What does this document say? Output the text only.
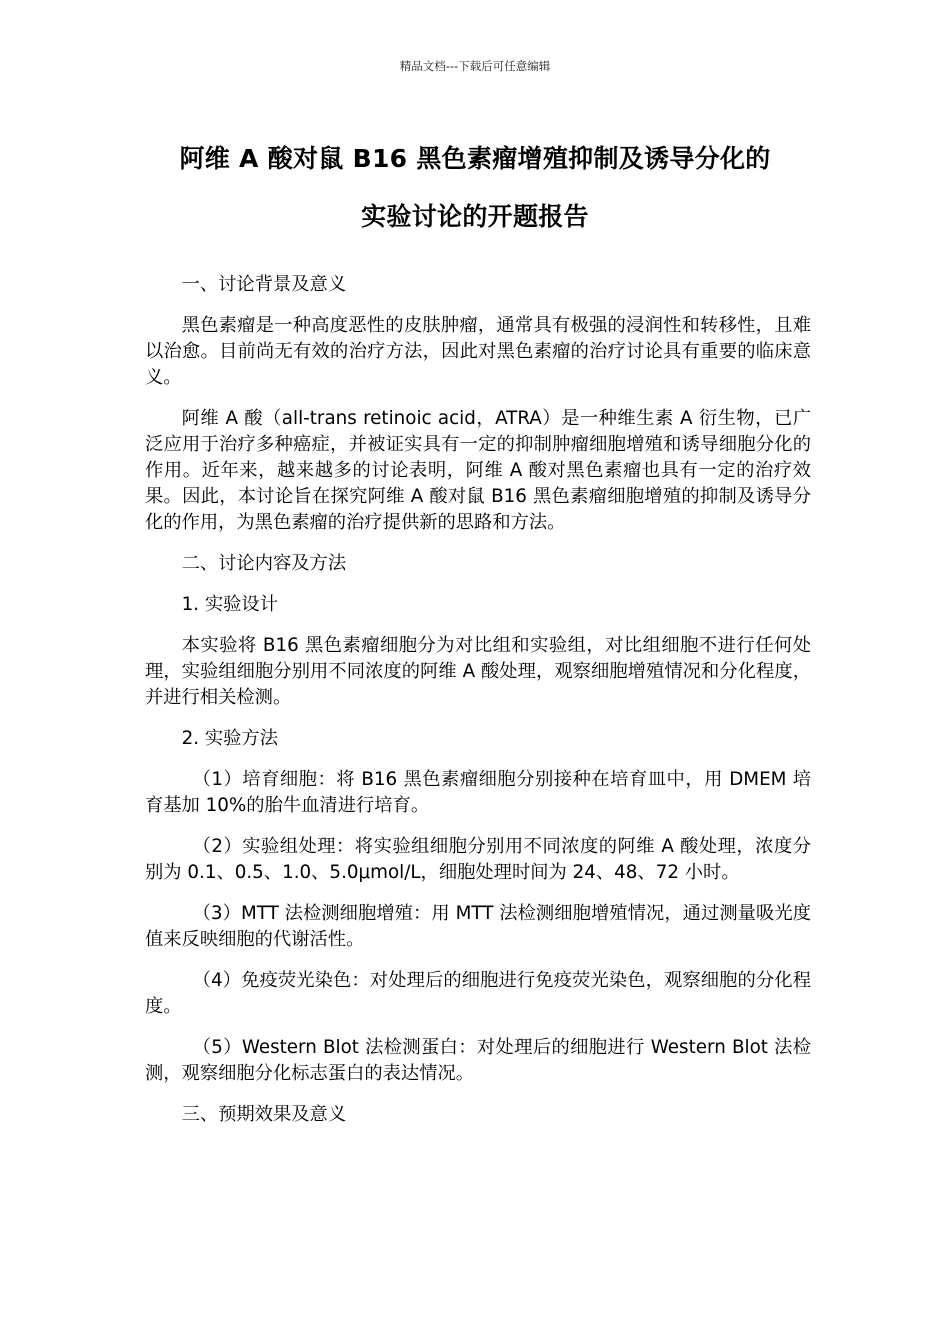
精品文档---下载后可任意编辑
阿维 A 酸对鼠 B16 黑色素瘤增殖抑制及诱导分化的
实验讨论的开题报告

一、讨论背景及意义

黑色素瘤是一种高度恶性的皮肤肿瘤，通常具有极强的浸润性和转移性，且难以治愈。目前尚无有效的治疗方法，因此对黑色素瘤的治疗讨论具有重要的临床意义。

阿维 A 酸（all-trans retinoic acid，ATRA）是一种维生素 A 衍生物，已广泛应用于治疗多种癌症，并被证实具有一定的抑制肿瘤细胞增殖和诱导细胞分化的作用。近年来，越来越多的讨论表明，阿维 A 酸对黑色素瘤也具有一定的治疗效果。因此，本讨论旨在探究阿维 A 酸对鼠 B16 黑色素瘤细胞增殖的抑制及诱导分化的作用，为黑色素瘤的治疗提供新的思路和方法。

二、讨论内容及方法

1. 实验设计

本实验将 B16 黑色素瘤细胞分为对比组和实验组，对比组细胞不进行任何处理，实验组细胞分别用不同浓度的阿维 A 酸处理，观察细胞增殖情况和分化程度，并进行相关检测。

2. 实验方法

（1）培育细胞：将 B16 黑色素瘤细胞分别接种在培育皿中，用 DMEM 培育基加 10%的胎牛血清进行培育。

（2）实验组处理：将实验组细胞分别用不同浓度的阿维 A 酸处理，浓度分别为 0.1、0.5、1.0、5.0μmol/L，细胞处理时间为 24、48、72 小时。

（3）MTT 法检测细胞增殖：用 MTT 法检测细胞增殖情况，通过测量吸光度值来反映细胞的代谢活性。

（4）免疫荧光染色：对处理后的细胞进行免疫荧光染色，观察细胞的分化程度。

（5）Western Blot 法检测蛋白：对处理后的细胞进行 Western Blot 法检测，观察细胞分化标志蛋白的表达情况。

三、预期效果及意义
